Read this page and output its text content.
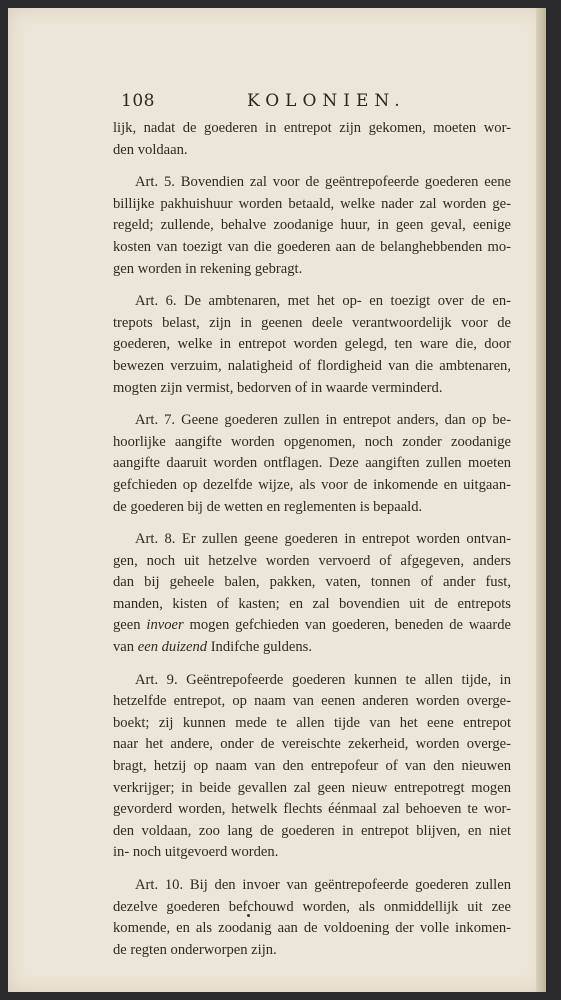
108	KOLONIEN.
lijk, nadat de goederen in entrepot zijn gekomen, moeten wor-
den voldaan.
Art. 5. Bovendien zal voor de geëntrepofeerde goederen eene
billijke pakhuishuur worden betaald, welke nader zal worden ge-
regeld; zullende, behalve zoodanige huur, in geen geval, eenige
kosten van toezigt van die goederen aan de belanghebbenden mo-
gen worden in rekening gebragt.
Art. 6. De ambtenaren, met het op- en toezigt over de en-
trepots belast, zijn in geenen deele verantwoordelijk voor de
goederen, welke in entrepot worden gelegd, ten ware die, door
bewezen verzuim, nalatigheid of flordigheid van die ambtenaren,
mogten zijn vermist, bedorven of in waarde verminderd.
Art. 7. Geene goederen zullen in entrepot anders, dan op be-
hoorlijke aangifte worden opgenomen, noch zonder zoodanige
aangifte daaruit worden ontflagen. Deze aangiften zullen moeten
gefchieden op dezelfde wijze, als voor de inkomende en uitgaan-
de goederen bij de wetten en reglementen is bepaald.
Art. 8. Er zullen geene goederen in entrepot worden ontvan-
gen, noch uit hetzelve worden vervoerd of afgegeven, anders
dan bij geheele balen, pakken, vaten, tonnen of ander fust,
manden, kisten of kasten; en zal bovendien uit de entrepots
geen invoer mogen gefchieden van goederen, beneden de waarde
van een duizend Indifche guldens.
Art. 9. Geëntrepofeerde goederen kunnen te allen tijde, in
hetzelfde entrepot, op naam van eenen anderen worden overge-
boekt; zij kunnen mede te allen tijde van het eene entrepot
naar het andere, onder de vereischte zekerheid, worden overge-
bragt, hetzij op naam van den entrepofeur of van den nieuwen
verkrijger; in beide gevallen zal geen nieuw entrepotregt mogen
gevorderd worden, hetwelk flechts éénmaal zal behoeven te wor-
den voldaan, zoo lang de goederen in entrepot blijven, en niet
in- noch uitgevoerd worden.
Art. 10. Bij den invoer van geëntrepofeerde goederen zullen
dezelve goederen befchouwd worden, als onmiddellijk uit zee
komende, en als zoodanig aan de voldoening der volle inkomen-
de regten onderworpen zijn.
